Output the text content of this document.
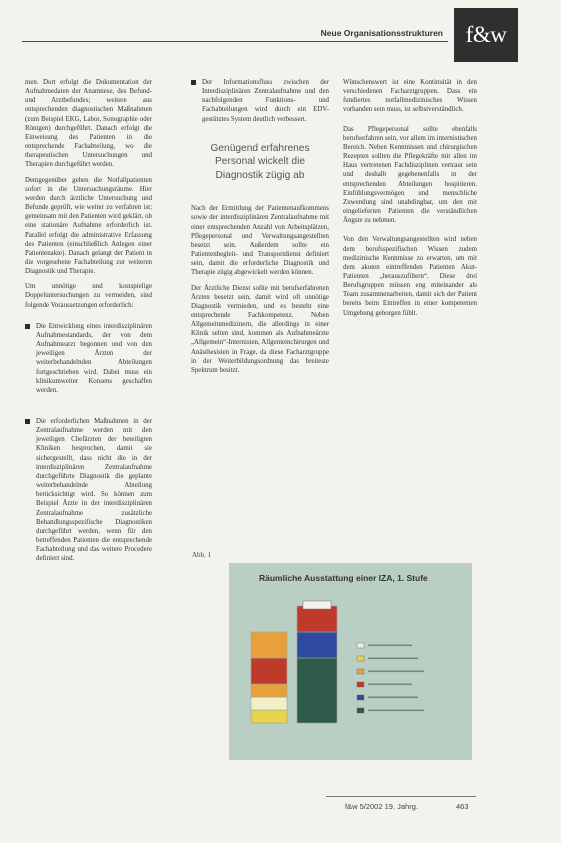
Neue Organisationsstrukturen f&w

men. Dort erfolgt die Dokumentation der Aufnahmedaten der Anamnese, des Befund- und Arztbefundes; weitere aus entsprechenden diagnostischen Maßnahmen (zum Beispiel EKG, Labor, Sonographie oder Röntgen) durchgeführt. Danach erfolgt die Einweisung des Patienten in die entsprechende Fachabteilung, wo die therapeutischen Untersuchungen und Therapien durchgeführt werden.

Demgegenüber gehen die Notfallpatienten sofort in die Untersuchungsräume. Hier werden durch ärztliche Untersuchung und Befunde geprüft, wie weiter zu verfahren ist; gemeinsam mit den Patienten wird geklärt, ob eine stationäre Aufnahme erforderlich ist. Parallel erfolgt die administrative Erfassung des Patienten (einschließlich Anlegen einer Patientenakte). Danach gelangt der Patient in die vorgesehene Fachabteilung zur weiteren Diagnostik und Therapie.

Um unnötige und kostspielige Doppeluntersuchungen zu vermeiden, sind folgende Voraussetzungen erforderlich:

Die Entwicklung eines interdisziplinären Aufnahmestandards, der von dem Aufnahmearzt begonnen und von den jeweiligen Ärzten der weiterbehandelnden Abteilungen fortgeschrieben wird. Dabei muss ein klinikumweiter Konsens geschaffen werden.

Die erforderlichen Maßnahmen in der Zentralaufnahme werden mit den jeweiligen Chefärzten der beteiligten Kliniken besprochen, damit sie sichergestellt, dass nicht die in der interdisziplinären Zentralaufnahme durchgeführte Diagnostik die geplante weiterbehandelnde Abteilung berücksichtigt wird. So können zum Beispiel Ärzte in der interdisziplinären Zentralaufnahme zusätzliche Behandlungsspezifische Diagnostiken durchgeführt werden, wenn für den betreffenden Patienten die entsprechende Fachabteilung und das weitere Procedere definiert sind.

Der Informationsfluss zwischen der Interdisziplinären Zentralaufnahme und den nachfolgenden Funktions- und Fachabteilungen wird durch ein EDV-gestütztes System deutlich verbessert.

Genügend erfahrenes Personal wickelt die Diagnostik zügig ab

Nach der Ermittlung der Patientenaufkommens sowie der interdisziplinären Zentralaufnahme mit einer entsprechenden Anzahl von Arbeitsplätzen, Pflegepersonal und Verwaltungsangestellten besetzt sein. Außerdem sollte ein Patientenbegleit- und Transportdienst definiert sein, damit die erforderliche Diagnostik und Therapie zügig abgewickelt werden können.

Der Ärztliche Dienst sollte mit berufserfahrenen Ärzten besetzt sein, damit wird oft unnötige Diagnostik vermieden, und es besteht eine entsprechende Fachkompetenz. Neben Allgemeinmedizinern, die allerdings in einer Klinik selten sind, kommen als Aufnahmeärzte „Allgemein“-Internisten, Allgemeinchirurgen und Anästhesisten in Frage, da diese Facharztgruppe in der Weiterbildungsordnung das breiteste Spektrum besitzt.

Wünschenswert ist eine Kontinuität in den verschiedenen Facharztgruppen. Dass ein fundiertes notfallmedizinisches Wissen vorhanden sein muss, ist selbstverständlich.

Das Pflegepersonal sollte ebenfalls berufserfahren sein, vor allem im internistischen Bereich. Neben Kenntnissen und chirurgischen Rezepten sollten die Pflegekräfte mit allen im Haus vertretenen Fachdisziplinen vertraut sein und deshalb gegebenenfalls in der entsprechenden Abteilungen hospitieren. Einfühlungsvermögen und menschliche Zuwendung sind unabdingbar, um den mit eingelieferten Patienten die verständlichen Ängste zu nehmen.

Von den Verwaltungsangestellten wird neben dem berufsspezifischen Wissen zudem medizinische Kenntnisse zu erwarten, um mit dem akuten eintreffenden Patienten Akut-Patienten „herauszufiltern“. Diese drei Berufsgruppen müssen eng miteinander als Team zusammenarbeiten, damit sich der Patient bereits beim Eintreffen in einer kompetenten Umgebung geborgen fühlt.

Abb. 1
Räumliche Ausstattung einer IZA, 1. Stufe
f&w 5/2002 19. Jahrg.	463
